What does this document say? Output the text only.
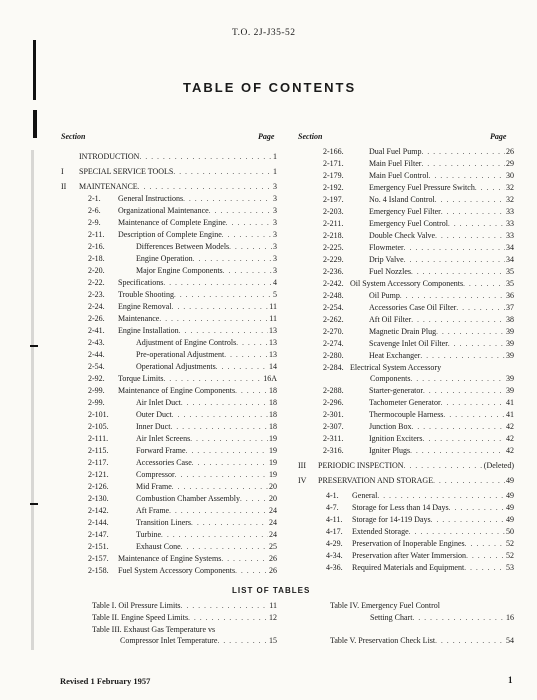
T.O. 2J-J35-52
TABLE OF CONTENTS
Section	Page	Section	Page
INTRODUCTION . . .	1
I	SPECIAL SERVICE TOOLS . . .	1
II	MAINTENANCE . . .	3
2-1.	General Instructions . . .	3
2-6.	Organizational Maintenance . . .	3
2-9.	Maintenance of Complete Engine . . .	3
2-11.	Description of Complete Engine . . .	3
2-16.	Differences Between Models . . .	3
2-18.	Engine Operation . . .	3
2-20.	Major Engine Components . . .	3
2-22.	Specifications . . .	4
2-23.	Trouble Shooting . . .	5
2-24.	Engine Removal . . .	11
2-26.	Maintenance . . .	11
2-41.	Engine Installation . . .	13
2-43.	Adjustment of Engine Controls . . .	13
2-44.	Pre-operational Adjustment . . .	13
2-54.	Operational Adjustments . . .	14
2-92.	Torque Limits . . .	16A
2-99.	Maintenance of Engine Components . . .	18
2-99.	Air Inlet Duct . . .	18
2-101.	Outer Duct . . .	18
2-105.	Inner Duct . . .	18
2-111.	Air Inlet Screens . . .	19
2-115.	Forward Frame . . .	19
2-117.	Accessories Case . . .	19
2-121.	Compressor . . .	19
2-126.	Mid Frame . . .	20
2-130.	Combustion Chamber Assembly . . .	20
2-142.	Aft Frame . . .	24
2-144.	Transition Liners . . .	24
2-147.	Turbine . . .	24
2-151.	Exhaust Cone . . .	25
2-157.	Maintenance of Engine Systems . . .	26
2-158.	Fuel System Accessory Components . . .	26
2-166.	Dual Fuel Pump . . .	26
2-171.	Main Fuel Filter . . .	29
2-179.	Main Fuel Control . . .	30
2-192.	Emergency Fuel Pressure Switch . . .	32
2-197.	No. 4 Island Control . . .	32
2-203.	Emergency Fuel Filter . . .	33
2-211.	Emergency Fuel Control . . .	33
2-218.	Double Check Valve . . .	33
2-225.	Flowmeter . . .	34
2-229.	Drip Valve . . .	34
2-236.	Fuel Nozzles . . .	35
2-242. Oil System Accessory Components . . .	35
2-248.	Oil Pump . . .	36
2-254.	Accessories Case Oil Filter . . .	37
2-262.	Aft Oil Filter . . .	38
2-270.	Magnetic Drain Plug . . .	39
2-274.	Scavenge Inlet Oil Filter . . .	39
2-280.	Heat Exchanger . . .	39
2-284. Electrical System Accessory
Components . . .	39
2-288.	Starter-generator . . .	39
2-296.	Tachometer Generator . . .	41
2-301.	Thermocouple Harness . . .	41
2-307.	Junction Box . . .	42
2-311.	Ignition Exciters . . .	42
2-316.	Igniter Plugs . . .	42
III	PERIODIC INSPECTION . . .	(Deleted)
IV	PRESERVATION AND STORAGE . . .	49
4-1.	General . . .	49
4-7.	Storage for Less than 14 Days . . .	49
4-11.	Storage for 14-119 Days . . .	49
4-17.	Extended Storage . . .	50
4-29.	Preservation of Inoperable Engines . . .	52
4-34.	Preservation after Water Immersion . . .	52
4-36.	Required Materials and Equipment . . .	53
LIST OF TABLES
Table I. Oil Pressure Limits . . .	11
Table II. Engine Speed Limits . . .	12
Table III. Exhaust Gas Temperature vs
Compressor Inlet Temperature . . .	15
Table IV. Emergency Fuel Control
Setting Chart . . .	16
Table V. Preservation Check List . . .	54
Revised 1 February 1957	1
